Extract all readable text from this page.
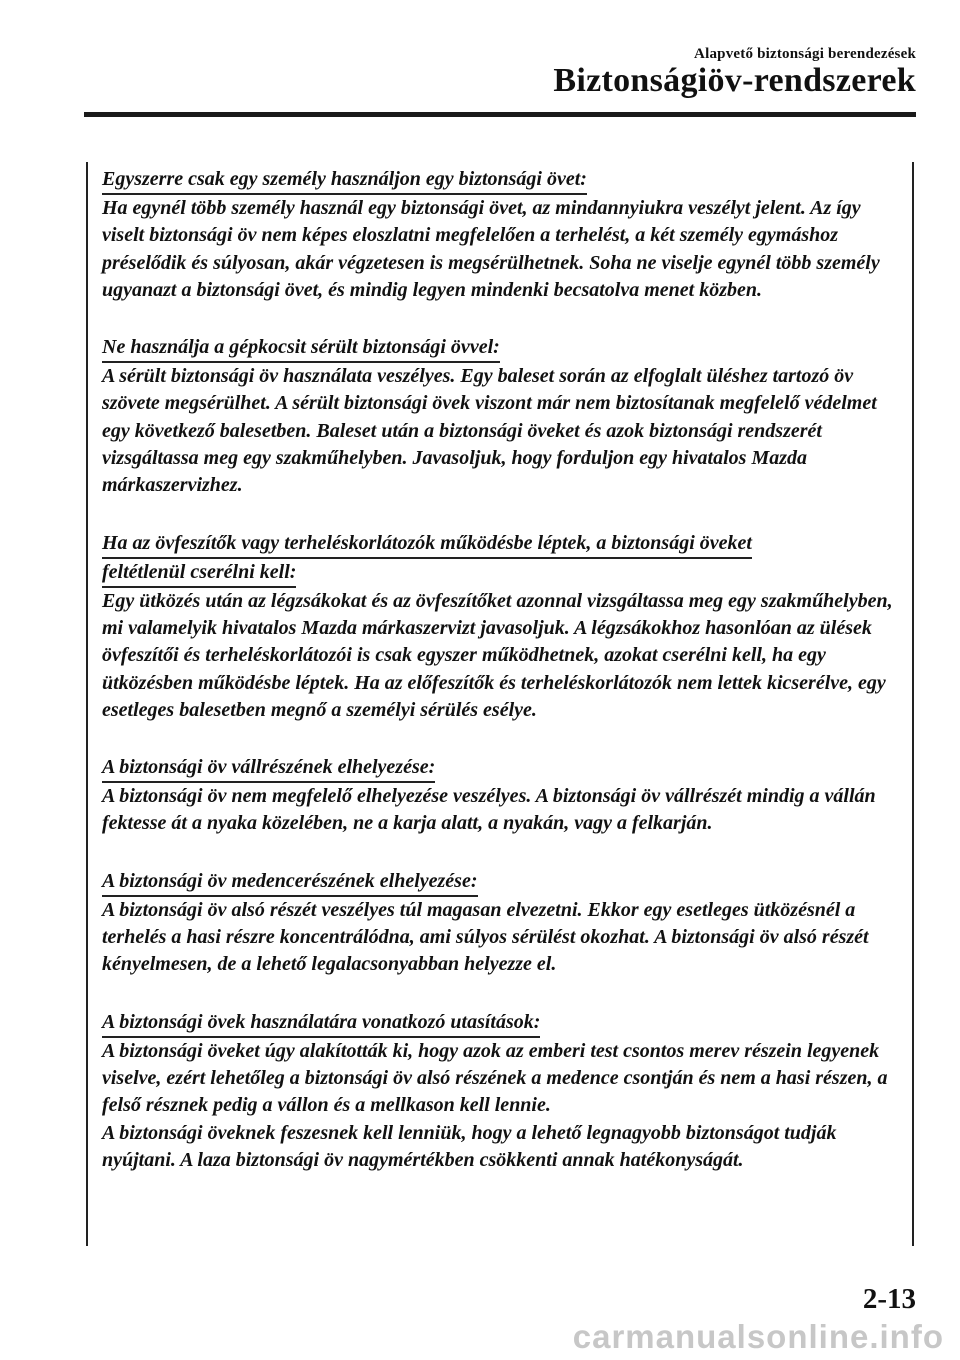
Alapvető biztonsági berendezések
Biztonságiöv-rendszerek
Egyszerre csak egy személy használjon egy biztonsági övet:

Ha egynél több személy használ egy biztonsági övet, az mindannyiukra veszélyt jelent. Az így viselt biztonsági öv nem képes eloszlatni megfelelően a terhelést, a két személy egymáshoz préselődik és súlyosan, akár végzetesen is megsérülhetnek. Soha ne viselje egynél több személy ugyanazt a biztonsági övet, és mindig legyen mindenki becsatolva menet közben.

Ne használja a gépkocsit sérült biztonsági övvel:

A sérült biztonsági öv használata veszélyes. Egy baleset során az elfoglalt üléshez tartozó öv szövete megsérülhet. A sérült biztonsági övek viszont már nem biztosítanak megfelelő védelmet egy következő balesetben. Baleset után a biztonsági öveket és azok biztonsági rendszerét vizsgáltassa meg egy szakműhelyben. Javasoljuk, hogy forduljon egy hivatalos Mazda márkaszervizhez.

Ha az övfeszítők vagy terheléskorlátozók működésbe léptek, a biztonsági öveket
feltétlenül cserélni kell:

Egy ütközés után az légzsákokat és az övfeszítőket azonnal vizsgáltassa meg egy szakműhelyben, mi valamelyik hivatalos Mazda márkaszervizt javasoljuk. A légzsákokhoz hasonlóan az ülések övfeszítői és terheléskorlátozói is csak egyszer működhetnek, azokat cserélni kell, ha egy ütközésben működésbe léptek. Ha az előfeszítők és terheléskorlátozók nem lettek kicserélve, egy esetleges balesetben megnő a személyi sérülés esélye.

A biztonsági öv vállrészének elhelyezése:

A biztonsági öv nem megfelelő elhelyezése veszélyes. A biztonsági öv vállrészét mindig a vállán fektesse át a nyaka közelében, ne a karja alatt, a nyakán, vagy a felkarján.

A biztonsági öv medencerészének elhelyezése:

A biztonsági öv alsó részét veszélyes túl magasan elvezetni. Ekkor egy esetleges ütközésnél a terhelés a hasi részre koncentrálódna, ami súlyos sérülést okozhat. A biztonsági öv alsó részét kényelmesen, de a lehető legalacsonyabban helyezze el.

A biztonsági övek használatára vonatkozó utasítások:

A biztonsági öveket úgy alakították ki, hogy azok az emberi test csontos merev részein legyenek viselve, ezért lehetőleg a biztonsági öv alsó részének a medence csontján és nem a hasi részen, a felső résznek pedig a vállon és a mellkason kell lennie.

A biztonsági öveknek feszesnek kell lenniük, hogy a lehető legnagyobb biztonságot tudják nyújtani. A laza biztonsági öv nagymértékben csökkenti annak hatékonyságát.

2-13
carmanualsonline.info
